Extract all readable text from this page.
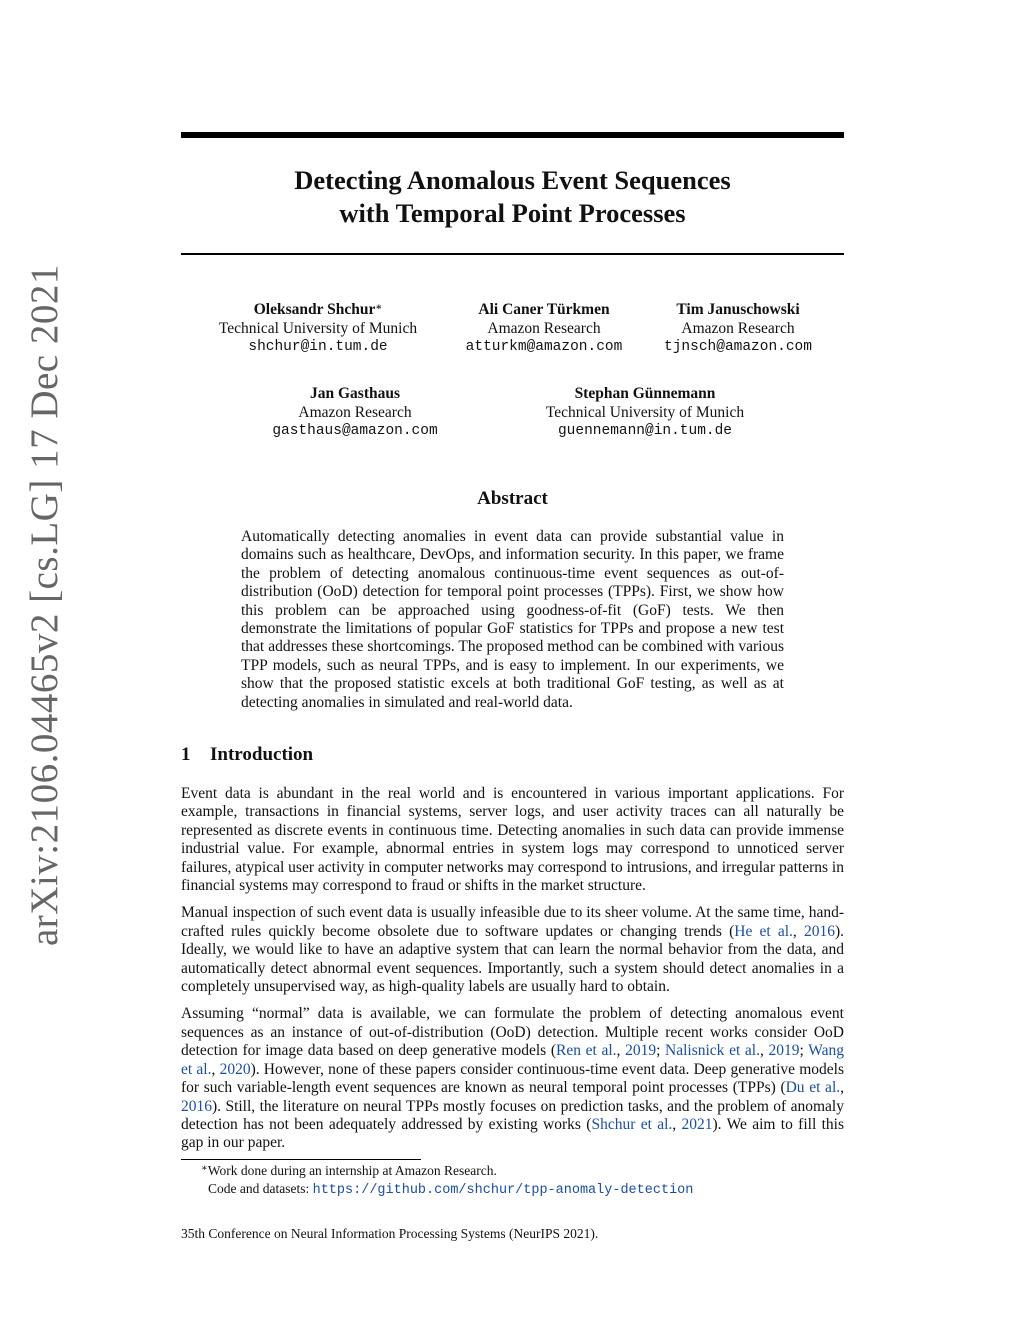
arXiv:2106.04465v2 [cs.LG] 17 Dec 2021
Detecting Anomalous Event Sequences
with Temporal Point Processes
Oleksandr Shchur∗
Technical University of Munich
shchur@in.tum.de
Ali Caner Türkmen
Amazon Research
atturkm@amazon.com
Tim Januschowski
Amazon Research
tjnsch@amazon.com
Jan Gasthaus
Amazon Research
gasthaus@amazon.com
Stephan Günnemann
Technical University of Munich
guennemann@in.tum.de
Abstract
Automatically detecting anomalies in event data can provide substantial value in domains such as healthcare, DevOps, and information security. In this paper, we frame the problem of detecting anomalous continuous-time event sequences as out-of-distribution (OoD) detection for temporal point processes (TPPs). First, we show how this problem can be approached using goodness-of-fit (GoF) tests. We then demonstrate the limitations of popular GoF statistics for TPPs and propose a new test that addresses these shortcomings. The proposed method can be combined with various TPP models, such as neural TPPs, and is easy to implement. In our experiments, we show that the proposed statistic excels at both traditional GoF testing, as well as at detecting anomalies in simulated and real-world data.
1 Introduction

Event data is abundant in the real world and is encountered in various important applications. For example, transactions in financial systems, server logs, and user activity traces can all naturally be represented as discrete events in continuous time. Detecting anomalies in such data can provide immense industrial value. For example, abnormal entries in system logs may correspond to unnoticed server failures, atypical user activity in computer networks may correspond to intrusions, and irregular patterns in financial systems may correspond to fraud or shifts in the market structure.

Manual inspection of such event data is usually infeasible due to its sheer volume. At the same time, hand-crafted rules quickly become obsolete due to software updates or changing trends (He et al., 2016). Ideally, we would like to have an adaptive system that can learn the normal behavior from the data, and automatically detect abnormal event sequences. Importantly, such a system should detect anomalies in a completely unsupervised way, as high-quality labels are usually hard to obtain.

Assuming “normal” data is available, we can formulate the problem of detecting anomalous event sequences as an instance of out-of-distribution (OoD) detection. Multiple recent works consider OoD detection for image data based on deep generative models (Ren et al., 2019; Nalisnick et al., 2019; Wang et al., 2020). However, none of these papers consider continuous-time event data. Deep generative models for such variable-length event sequences are known as neural temporal point processes (TPPs) (Du et al., 2016). Still, the literature on neural TPPs mostly focuses on prediction tasks, and the problem of anomaly detection has not been adequately addressed by existing works (Shchur et al., 2021). We aim to fill this gap in our paper.

∗Work done during an internship at Amazon Research.
Code and datasets: https://github.com/shchur/tpp-anomaly-detection
35th Conference on Neural Information Processing Systems (NeurIPS 2021).
